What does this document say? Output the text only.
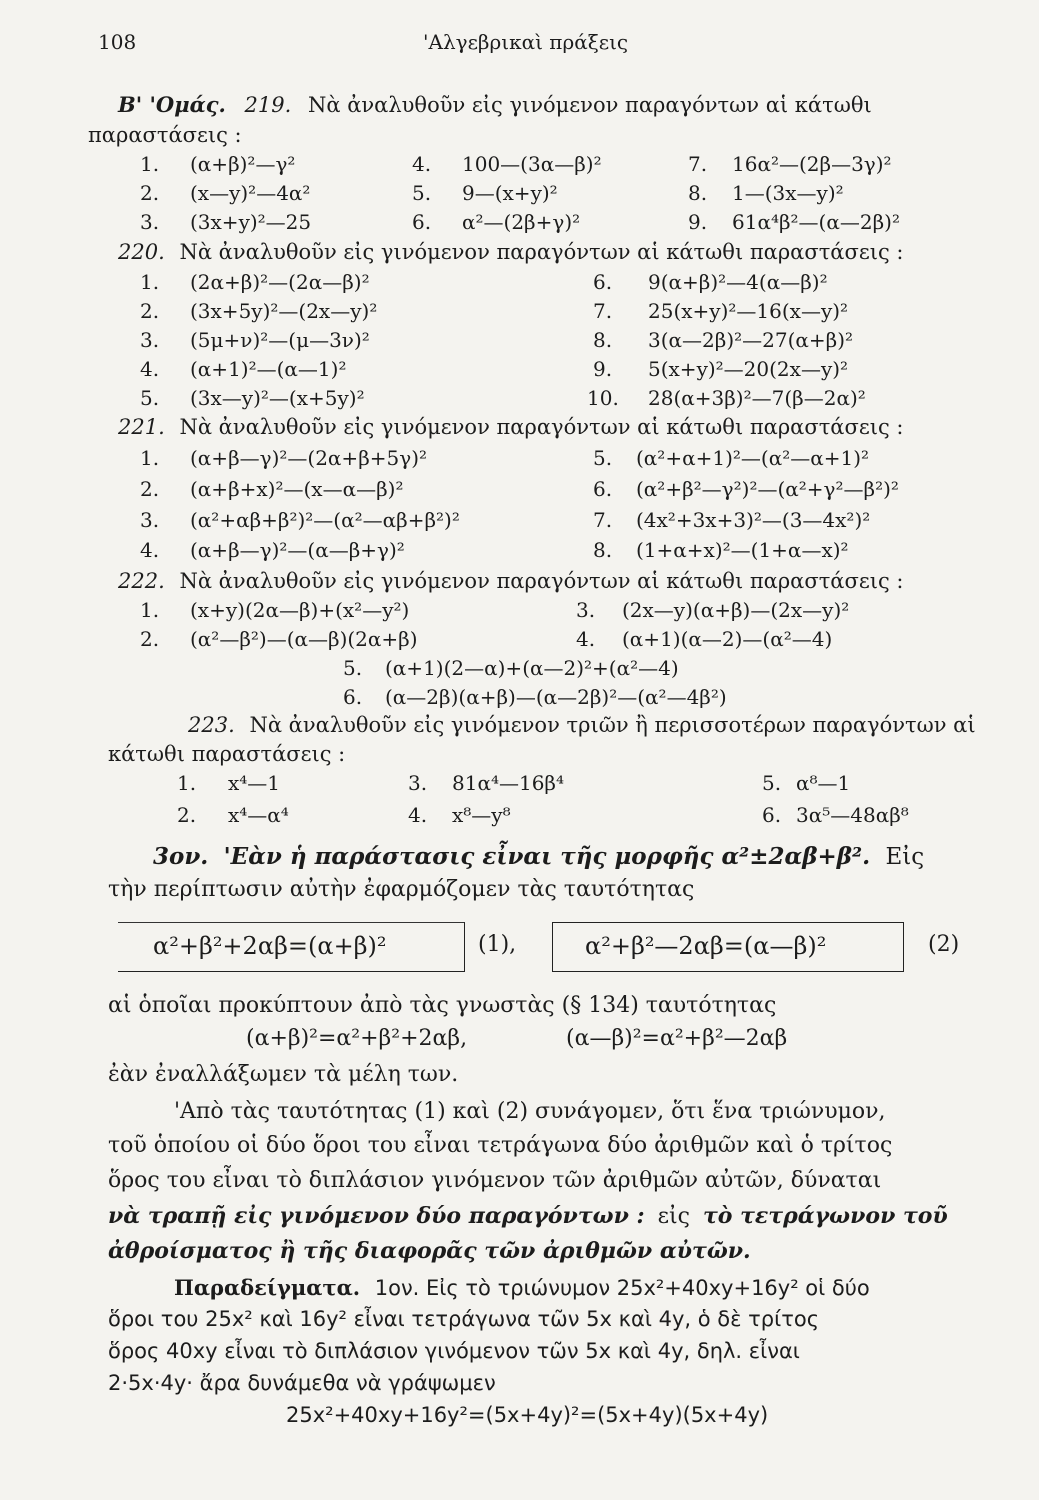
108	'Αλγεβρικαὶ πράξεις
Β' 'Ομάς. 219. Νὰ ἀναλυθοῦν εἰς γινόμενον παραγόντων αἱ κάτωθι
παραστάσεις :
1. (α+β)²—γ²	4. 100—(3α—β)²	7. 16α²—(2β—3γ)²
2. (x—y)²—4α²	5. 9—(x+y)²	8. 1—(3x—y)²
3. (3x+y)²—25	6. α²—(2β+γ)²	9. 61α⁴β²—(α—2β)²
220. Νὰ ἀναλυθοῦν εἰς γινόμενον παραγόντων αἱ κάτωθι παραστάσεις :
1. (2α+β)²—(2α—β)²	6. 9(α+β)²—4(α—β)²
2. (3x+5y)²—(2x—y)²	7. 25(x+y)²—16(x—y)²
3. (5μ+ν)²—(μ—3ν)²	8. 3(α—2β)²—27(α+β)²
4. (α+1)²—(α—1)²	9. 5(x+y)²—20(2x—y)²
5. (3x—y)²—(x+5y)²	10. 28(α+3β)²—7(β—2α)²
221. Νὰ ἀναλυθοῦν εἰς γινόμενον παραγόντων αἱ κάτωθι παραστάσεις :
1. (α+β—γ)²—(2α+β+5γ)²	5. (α²+α+1)²—(α²—α+1)²
2. (α+β+x)²—(x—α—β)²	6. (α²+β²—γ²)²—(α²+γ²—β²)²
3. (α²+αβ+β²)²—(α²—αβ+β²)²	7. (4x²+3x+3)²—(3—4x²)²
4. (α+β—γ)²—(α—β+γ)²	8. (1+α+x)²—(1+α—x)²
222. Νὰ ἀναλυθοῦν εἰς γινόμενον παραγόντων αἱ κάτωθι παραστάσεις :
1. (x+y)(2α—β)+(x²—y²)	3. (2x—y)(α+β)—(2x—y)²
2. (α²—β²)—(α—β)(2α+β)	4. (α+1)(α—2)—(α²—4)
5. (α+1)(2—α)+(α—2)²+(α²—4)
6. (α—2β)(α+β)—(α—2β)²—(α²—4β²)
223. Νὰ ἀναλυθοῦν εἰς γινόμενον τριῶν ἢ περισσοτέρων παραγόντων αἱ
κάτωθι παραστάσεις :
1. x⁴—1	3. 81α⁴—16β⁴	5. α⁸—1
2. x⁴—α⁴	4. x⁸—y⁸	6. 3α⁵—48αβ⁸
3ον. 'Εὰν ἡ παράστασις εἶναι τῆς μορφῆς α²±2αβ+β². Εἰς
τὴν περίπτωσιν αὐτὴν ἐφαρμόζομεν τὰς ταυτότητας
α²+β²+2αβ=(α+β)²	(1),	α²+β²—2αβ=(α—β)²	(2)
αἱ ὁποῖαι προκύπτουν ἀπὸ τὰς γνωστὰς (§ 134) ταυτότητας
(α+β)²=α²+β²+2αβ,	(α—β)²=α²+β²—2αβ
ἐὰν ἐναλλάξωμεν τὰ μέλη των.
'Απὸ τὰς ταυτότητας (1) καὶ (2) συνάγομεν, ὅτι ἕνα τριώνυμον,
τοῦ ὁποίου οἱ δύο ὅροι του εἶναι τετράγωνα δύο ἀριθμῶν καὶ ὁ τρίτος
ὅρος του εἶναι τὸ διπλάσιον γινόμενον τῶν ἀριθμῶν αὐτῶν, δύναται
νὰ τραπῇ εἰς γινόμενον δύο παραγόντων : εἰς τὸ τετράγωνον τοῦ
ἀθροίσματος ἢ τῆς διαφορᾶς τῶν ἀριθμῶν αὐτῶν.
Παραδείγματα. 1ον. Εἰς τὸ τριώνυμον 25x²+40xy+16y² οἱ δύο
ὅροι του 25x² καὶ 16y² εἶναι τετράγωνα τῶν 5x καὶ 4y, ὁ δὲ τρίτος
ὅρος 40xy εἶναι τὸ διπλάσιον γινόμενον τῶν 5x καὶ 4y, δηλ. εἶναι
2·5x·4y· ἄρα δυνάμεθα νὰ γράψωμεν
25x²+40xy+16y²=(5x+4y)²=(5x+4y)(5x+4y)
